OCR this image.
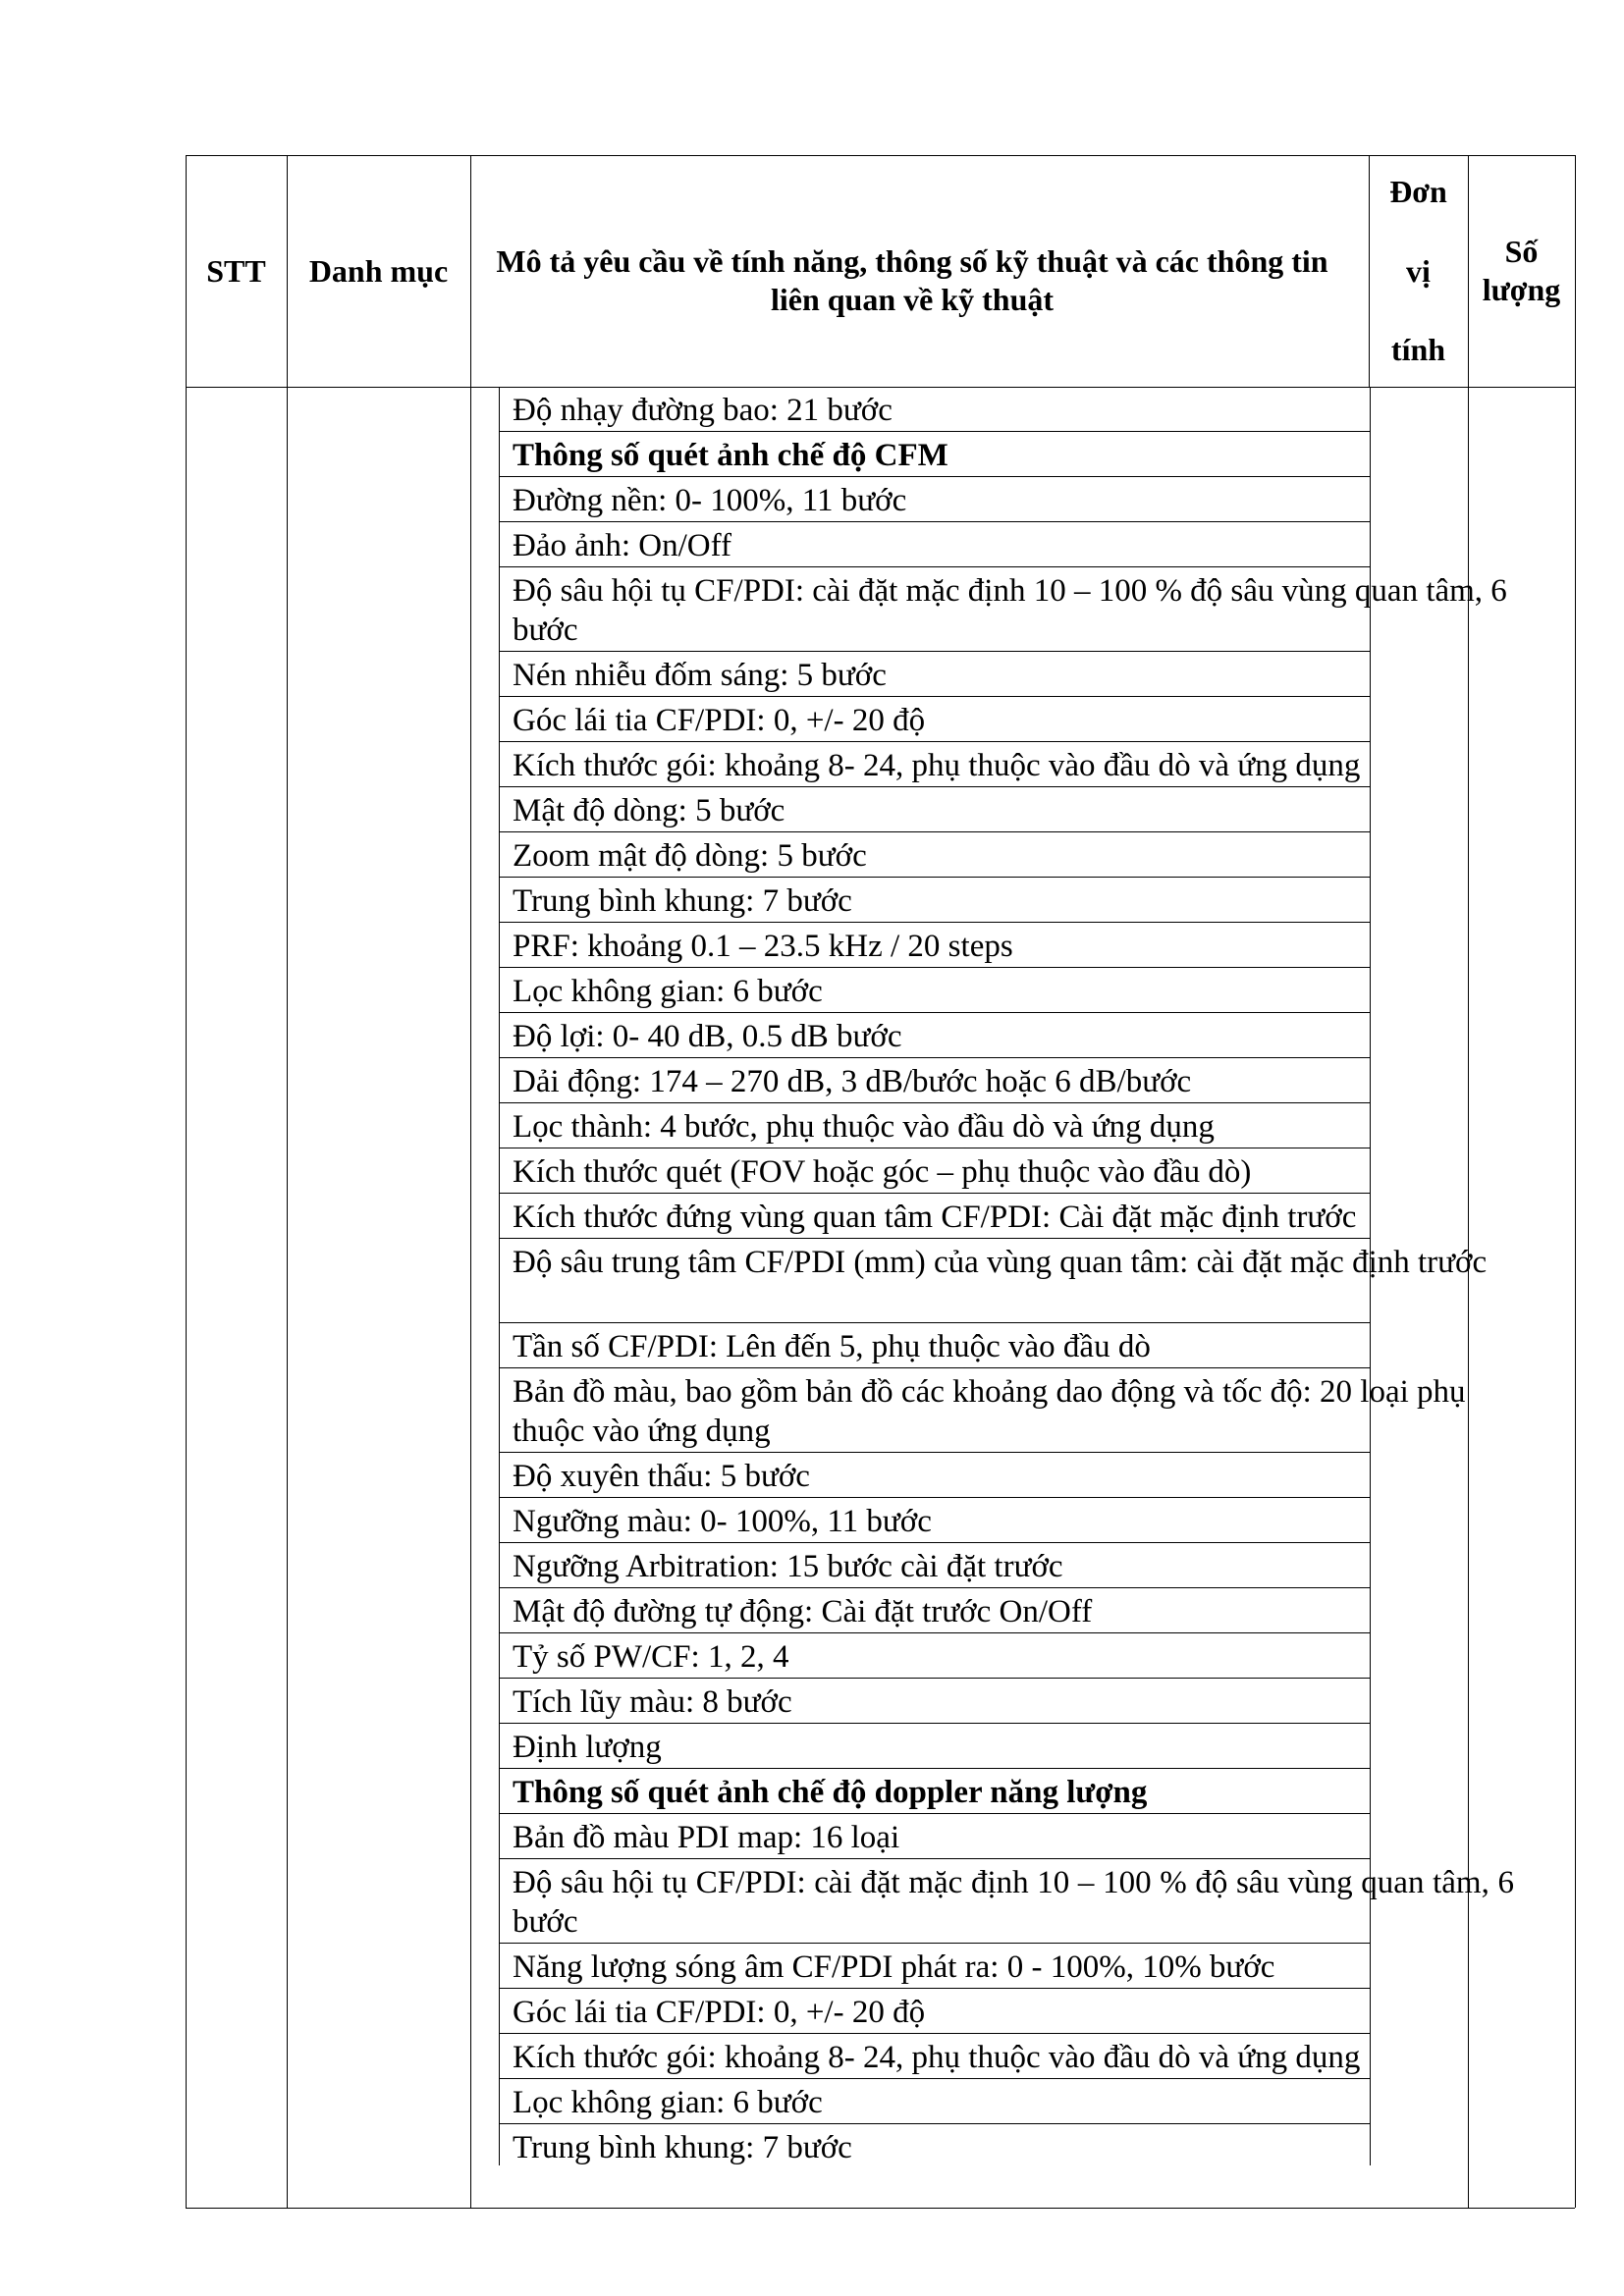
STT	Danh mục	Mô tả yêu cầu về tính năng, thông số kỹ thuật và các thông tin liên quan về kỹ thuật
Đơn
vị
tính
Số lượng
Độ nhạy đường bao: 21 bước
Thông số quét ảnh chế độ CFM
Đường nền: 0- 100%, 11 bước
Đảo ảnh: On/Off
Độ sâu hội tụ CF/PDI: cài đặt mặc định 10 – 100 % độ sâu vùng quan tâm, 6 bước
Nén nhiễu đốm sáng: 5 bước
Góc lái tia CF/PDI: 0, +/- 20 độ
Kích thước gói: khoảng 8- 24, phụ thuộc vào đầu dò và ứng dụng
Mật độ dòng: 5 bước
Zoom mật độ dòng: 5 bước
Trung bình khung: 7 bước
PRF: khoảng 0.1 – 23.5 kHz / 20 steps
Lọc không gian: 6 bước
Độ lợi: 0- 40 dB, 0.5 dB bước
Dải động: 174 – 270 dB, 3 dB/bước hoặc 6 dB/bước
Lọc thành: 4 bước, phụ thuộc vào đầu dò và ứng dụng
Kích thước quét (FOV hoặc góc – phụ thuộc vào đầu dò)
Kích thước đứng vùng quan tâm CF/PDI: Cài đặt mặc định trước
Độ sâu trung tâm CF/PDI (mm) của vùng quan tâm: cài đặt mặc định trước
Tần số CF/PDI: Lên đến 5, phụ thuộc vào đầu dò
Bản đồ màu, bao gồm bản đồ các khoảng dao động và tốc độ: 20 loại phụ thuộc vào ứng dụng
Độ xuyên thấu: 5 bước
Ngưỡng màu: 0- 100%, 11 bước
Ngưỡng Arbitration: 15 bước cài đặt trước
Mật độ đường tự động: Cài đặt trước On/Off
Tỷ số PW/CF: 1, 2, 4
Tích lũy màu: 8 bước
Định lượng
Thông số quét ảnh chế độ doppler năng lượng
Bản đồ màu PDI map: 16 loại
Độ sâu hội tụ CF/PDI: cài đặt mặc định 10 – 100 % độ sâu vùng quan tâm, 6 bước
Năng lượng sóng âm CF/PDI phát ra: 0 - 100%, 10% bước
Góc lái tia CF/PDI: 0, +/- 20 độ
Kích thước gói: khoảng 8- 24, phụ thuộc vào đầu dò và ứng dụng
Lọc không gian: 6 bước
Trung bình khung: 7 bước
